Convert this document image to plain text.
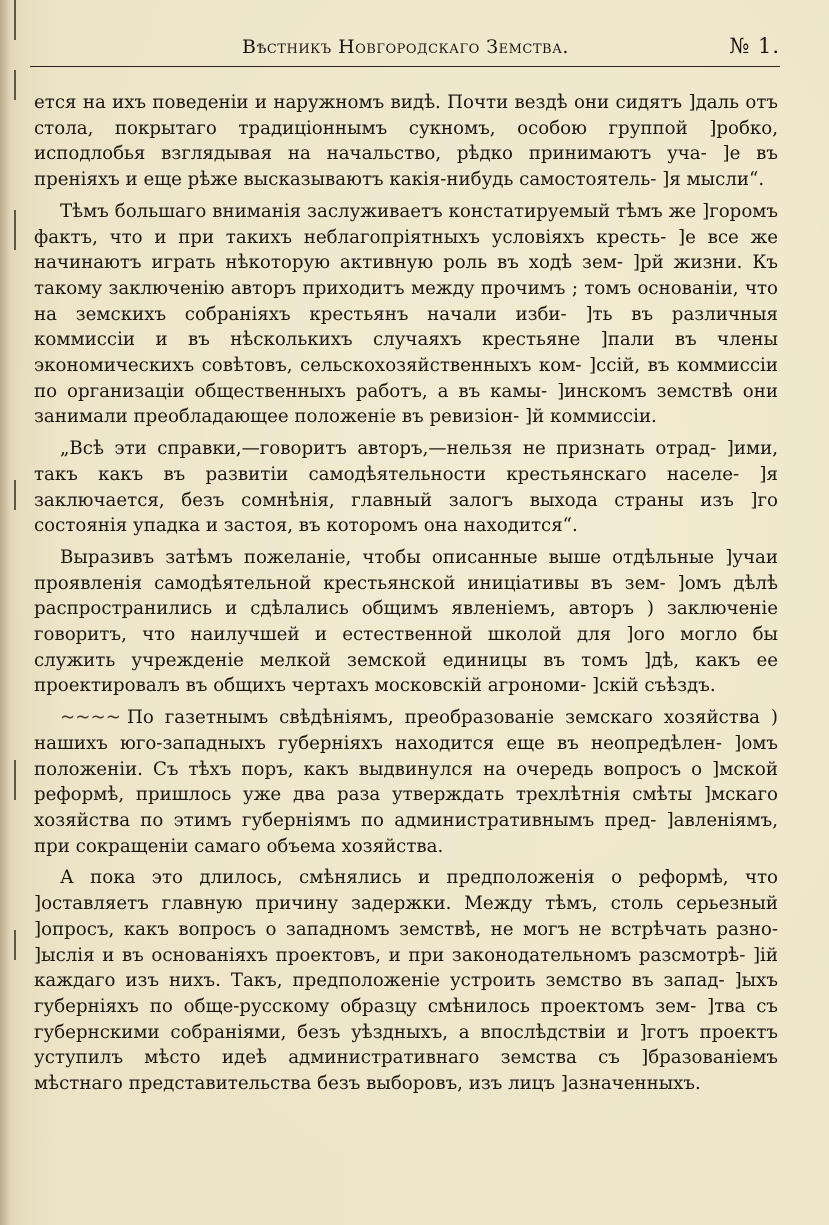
Вѣстникъ Новгородскаго Земства.	№ 1.

ется на ихъ поведеніи и наружномъ видѣ. Почти вездѣ они сидятъ ]даль отъ стола, покрытаго традиціоннымъ сукномъ, особою группой ]робко, исподлобья взглядывая на начальство, рѣдко принимаютъ уча- ]е въ преніяхъ и еще рѣже высказываютъ какія-нибудь самостоятель- ]я мысли“.

Тѣмъ большаго вниманія заслуживаетъ констатируемый тѣмъ же ]горомъ фактъ, что и при такихъ неблагопріятныхъ условіяхъ кресть- ]е все же начинаютъ играть нѣкоторую активную роль въ ходѣ зем- ]рй жизни. Къ такому заключенію авторъ приходитъ между прочимъ ; томъ основаніи, что на земскихъ собраніяхъ крестьянъ начали изби- ]ть въ различныя коммиссіи и въ нѣсколькихъ случаяхъ крестьяне ]пали въ члены экономическихъ совѣтовъ, сельскохозяйственныхъ ком- ]ссій, въ коммиссіи по организаціи общественныхъ работъ, а въ камы- ]инскомъ земствѣ они занимали преобладающее положеніе въ ревизіон- ]й коммиссіи.

„Всѣ эти справки,—говоритъ авторъ,—нельзя не признать отрад- ]ими, такъ какъ въ развитіи самодѣятельности крестьянскаго населе- ]я заключается, безъ сомнѣнія, главный залогъ выхода страны изъ ]го состоянія упадка и застоя, въ которомъ она находится“.

Выразивъ затѣмъ пожеланіе, чтобы описанные выше отдѣльные ]учаи проявленія самодѣятельной крестьянской иниціативы въ зем- ]омъ дѣлѣ распространились и сдѣлались общимъ явленіемъ, авторъ ) заключеніе говоритъ, что наилучшей и естественной школой для ]ого могло бы служить учрежденіе мелкой земской единицы въ томъ ]дѣ, какъ ее проектировалъ въ общихъ чертахъ московскій агрономи- ]скій съѣздъ.

~~~~ По газетнымъ свѣдѣніямъ, преобразованіе земскаго хозяйства ) нашихъ юго-западныхъ губерніяхъ находится еще въ неопредѣлен- ]омъ положеніи. Съ тѣхъ поръ, какъ выдвинулся на очередь вопросъ о ]мской реформѣ, пришлось уже два раза утверждать трехлѣтнія смѣты ]мскаго хозяйства по этимъ губерніямъ по административнымъ пред- ]авленіямъ, при сокращеніи самаго объема хозяйства.

А пока это длилось, смѣнялись и предположенія о реформѣ, что ]оставляетъ главную причину задержки. Между тѣмъ, столь серьезный ]опросъ, какъ вопросъ о западномъ земствѣ, не могъ не встрѣчать разно- ]ыслія и въ основаніяхъ проектовъ, и при законодательномъ разсмотрѣ- ]ій каждаго изъ нихъ. Такъ, предположеніе устроить земство въ запад- ]ыхъ губерніяхъ по обще-русскому образцу смѣнилось проектомъ зем- ]тва съ губернскими собраніями, безъ уѣздныхъ, а впослѣдствіи и ]готъ проектъ уступилъ мѣсто идеѣ административнаго земства съ ]бразованіемъ мѣстнаго представительства безъ выборовъ, изъ лицъ ]азначенныхъ.
